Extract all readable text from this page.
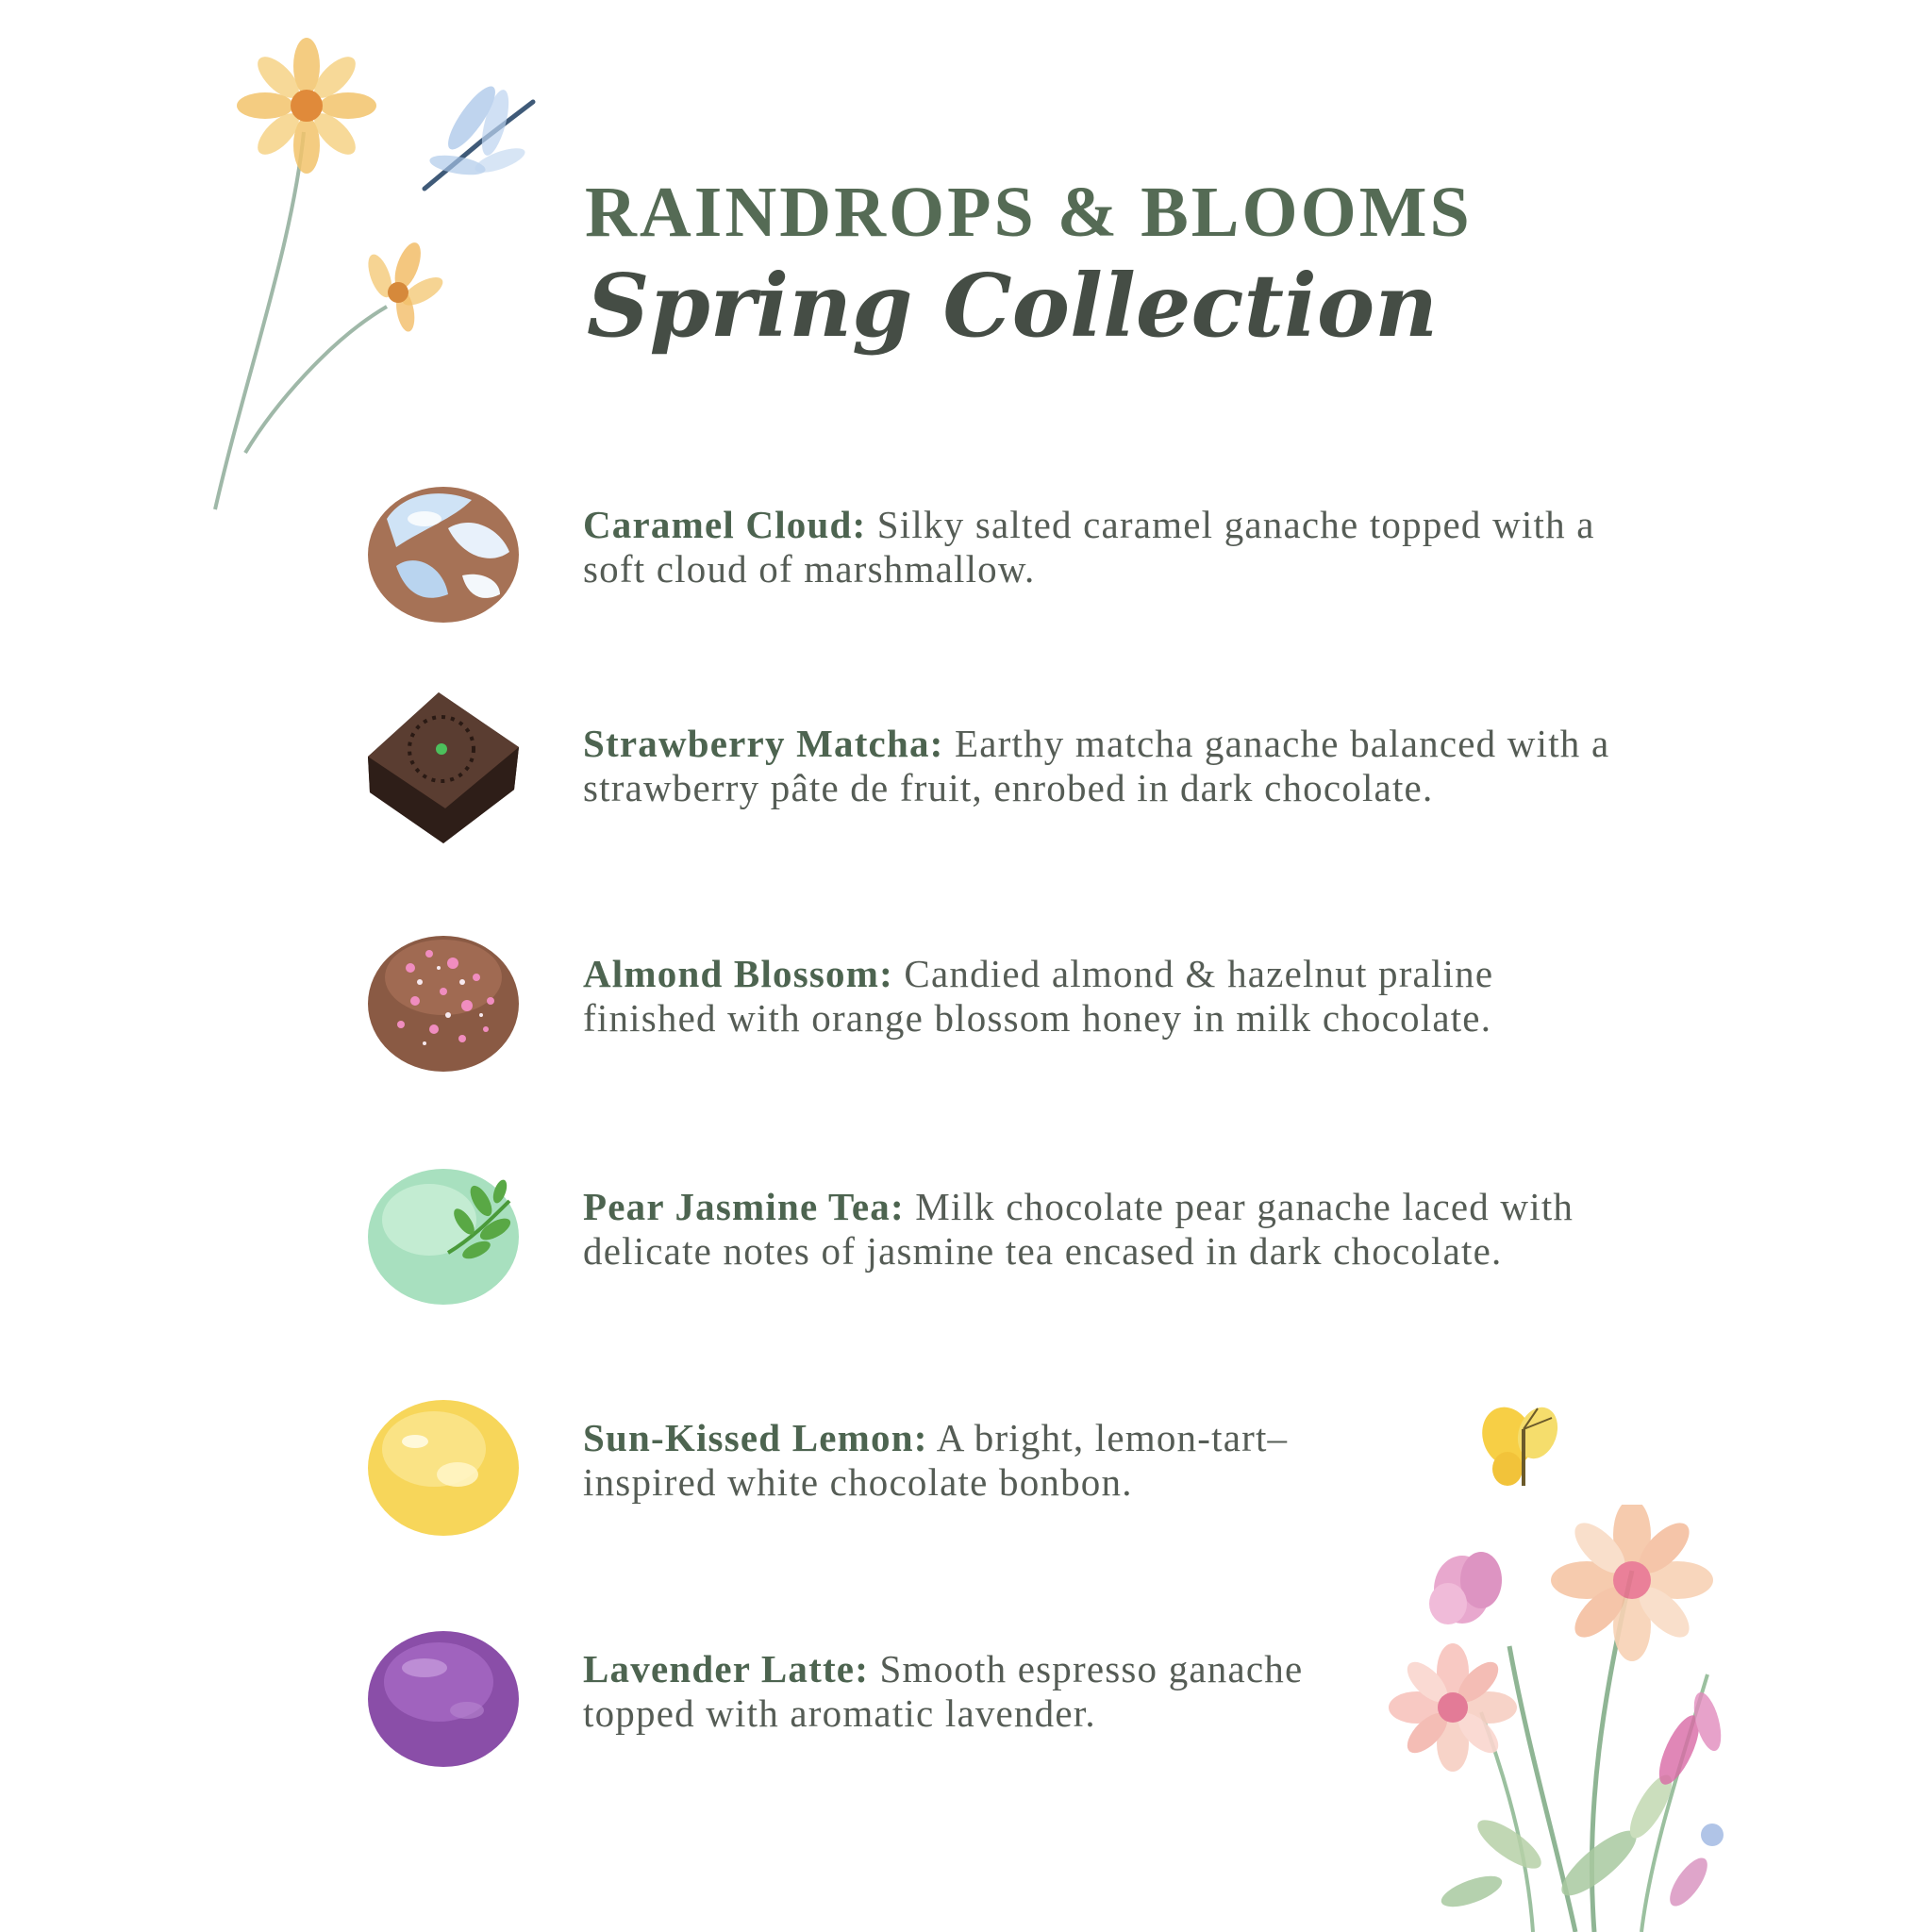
RAINDROPS & BLOOMS
Spring Collection

Caramel Cloud: Silky salted caramel ganache topped with a soft cloud of marshmallow.

Strawberry Matcha: Earthy matcha ganache balanced with a strawberry pâte de fruit, enrobed in dark chocolate.

Almond Blossom: Candied almond & hazelnut praline finished with orange blossom honey in milk chocolate.

Pear Jasmine Tea: Milk chocolate pear ganache laced with delicate notes of jasmine tea encased in dark chocolate.

Sun-Kissed Lemon: A bright, lemon-tart–inspired white chocolate bonbon.

Lavender Latte: Smooth espresso ganache topped with aromatic lavender.
